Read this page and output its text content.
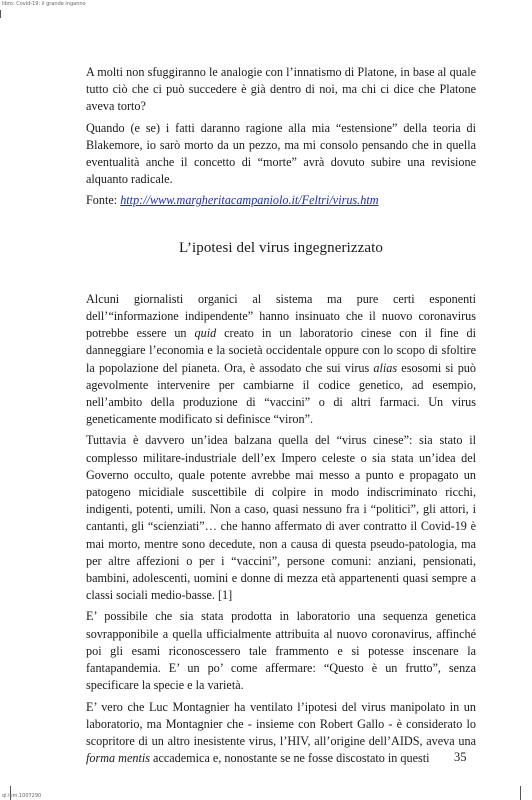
libro: Covid-19: il grande inganno

A molti non sfuggiranno le analogie con l’innatismo di Platone, in base al quale tutto ciò che ci può succedere è già dentro di noi, ma chi ci dice che Platone aveva torto?

Quando (e se) i fatti daranno ragione alla mia “estensione” della teoria di Blakemore, io sarò morto da un pezzo, ma mi consolo pensando che in quella eventualità anche il concetto di “morte” avrà dovuto subire una revisione alquanto radicale.

Fonte: http://www.margheritacampaniolo.it/Feltri/virus.htm

L’ipotesi del virus ingegnerizzato

Alcuni giornalisti organici al sistema ma pure certi esponenti dell’“informazione indipendente” hanno insinuato che il nuovo coronavirus potrebbe essere un quid creato in un laboratorio cinese con il fine di danneggiare l’economia e la società occidentale oppure con lo scopo di sfoltire la popolazione del pianeta. Ora, è assodato che sui virus alias esosomi si può agevolmente intervenire per cambiarne il codice genetico, ad esempio, nell’ambito della produzione di “vaccini” o di altri farmaci. Un virus geneticamente modificato si definisce “viron”.

Tuttavia è davvero un’idea balzana quella del “virus cinese”: sia stato il complesso militare-industriale dell’ex Impero celeste o sia stata un’idea del Governo occulto, quale potente avrebbe mai messo a punto e propagato un patogeno micidiale suscettibile di colpire in modo indiscriminato ricchi, indigenti, potenti, umili. Non a caso, quasi nessuno fra i “politici”, gli attori, i cantanti, gli “scienziati”… che hanno affermato di aver contratto il Covid-19 è mai morto, mentre sono decedute, non a causa di questa pseudo-patologia, ma per altre affezioni o per i “vaccini”, persone comuni: anziani, pensionati, bambini, adolescenti, uomini e donne di mezza età appartenenti quasi sempre a classi sociali medio-basse. [1]

E’ possibile che sia stata prodotta in laboratorio una sequenza genetica sovrapponibile a quella ufficialmente attribuita al nuovo coronavirus, affinché poi gli esami riconoscessero tale frammento e si potesse inscenare la fantapandemia. E’ un po’ come affermare: “Questo è un frutto”, senza specificare la specie e la varietà.

E’ vero che Luc Montagnier ha ventilato l’ipotesi del virus manipolato in un laboratorio, ma Montagnier che - insieme con Robert Gallo - è considerato lo scopritore di un altro inesistente virus, l’HIV, all’origine dell’AIDS, aveva una forma mentis accademica e, nonostante se ne fosse discostato in questi	35
ql.ivm.1007290
